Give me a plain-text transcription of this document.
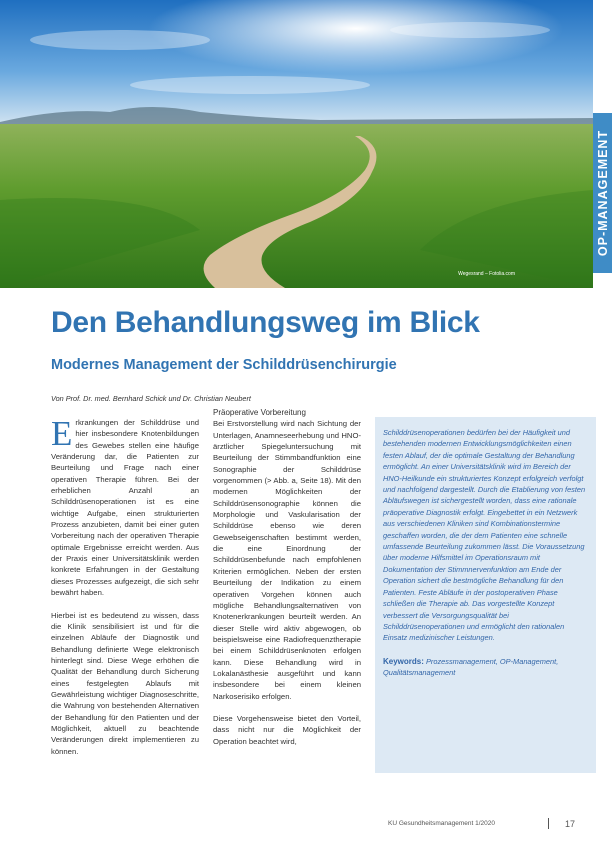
Wegesrand – Fotolia.com
OP-MANAGEMENT
Den Behandlungsweg im Blick
Modernes Management der Schilddrüsenchirurgie
Von Prof. Dr. med. Bernhard Schick und Dr. Christian Neubert

Erkrankungen der Schilddrüse und hier insbesondere Knotenbildungen des Gewebes stellen eine häufige Veränderung dar, die Patienten zur Beurteilung und Frage nach einer operativen Therapie führen. Bei der erheblichen Anzahl an Schilddrüsenoperationen ist es eine wichtige Aufgabe, einen strukturierten Prozess anzubieten, damit bei einer guten Vorbereitung nach der operativen Therapie optimale Ergebnisse erreicht werden. Aus der Praxis einer Universitätsklinik werden konkrete Erfahrungen in der Gestaltung dieses Prozesses aufgezeigt, die sich sehr bewährt haben.

Hierbei ist es bedeutend zu wissen, dass die Klinik sensibilisiert ist und für die einzelnen Abläufe der Diagnostik und Behandlung definierte Wege elektronisch hinterlegt sind. Diese Wege erhöhen die Qualität der Behandlung durch Sicherung eines festgelegten Ablaufs mit Gewährleistung wichtiger Diagnoseschritte, die Wahrung von bestehenden Alternativen der Behandlung für den Patienten und der Möglichkeit, aktuell zu beachtende Veränderungen direkt implementieren zu können.

Präoperative Vorbereitung

Bei Erstvorstellung wird nach Sichtung der Unterlagen, Anamneseerhebung und HNO-ärztlicher Spiegeluntersuchung mit Beurteilung der Stimmbandfunktion eine Sonographie der Schilddrüse vorgenommen (> Abb. a, Seite 18). Mit den modernen Möglichkeiten der Schilddrüsensonographie können die Morphologie und Vaskularisation der Schilddrüse ebenso wie deren Gewebseigenschaften bestimmt werden, die eine Einordnung der Schilddrüsenbefunde nach empfohlenen Kriterien ermöglichen. Neben der ersten Beurteilung der Indikation zu einem operativen Vorgehen können auch mögliche Behandlungsalternativen von Knotenerkrankungen beurteilt werden. An dieser Stelle wird aktiv abgewogen, ob beispielsweise eine Radiofrequenztherapie bei einem Schilddrüsenknoten erfolgen kann. Diese Behandlung wird in Lokalanästhesie ausgeführt und kann insbesondere bei einem kleinen Narkoserisiko erfolgen.

Diese Vorgehensweise bietet den Vorteil, dass nicht nur die Möglichkeit der Operation beachtet wird,

Schilddrüsenoperationen bedürfen bei der Häufigkeit und bestehenden modernen Entwicklungsmöglichkeiten einen festen Ablauf, der die optimale Gestaltung der Behandlung ermöglicht. An einer Universitätsklinik wird im Bereich der HNO-Heilkunde ein strukturiertes Konzept erfolgreich verfolgt und nachfolgend dargestellt. Durch die Etablierung von festen Abläufswegen ist sichergestellt worden, dass eine rationale präoperative Diagnostik erfolgt. Eingebettet in ein Netzwerk aus verschiedenen Kliniken sind Kombinationstermine geschaffen worden, die der dem Patienten eine schnelle umfassende Beurteilung zukommen lässt. Die Voraussetzung über moderne Hilfsmittel im Operationsraum mit Dokumentation der Stimmnervenfunktion am Ende der Operation sichert die bestmögliche Behandlung für den Patienten. Feste Abläufe in der postoperativen Phase schließen die Therapie ab. Das vorgestellte Konzept verbessert die Versorgungsqualität bei Schilddrüsenoperationen und ermöglicht den rationalen Einsatz medizinischer Leistungen.

Keywords: Prozessmanagement, OP-Management, Qualitätsmanagement

KU Gesundheitsmanagement 1/2020	17
